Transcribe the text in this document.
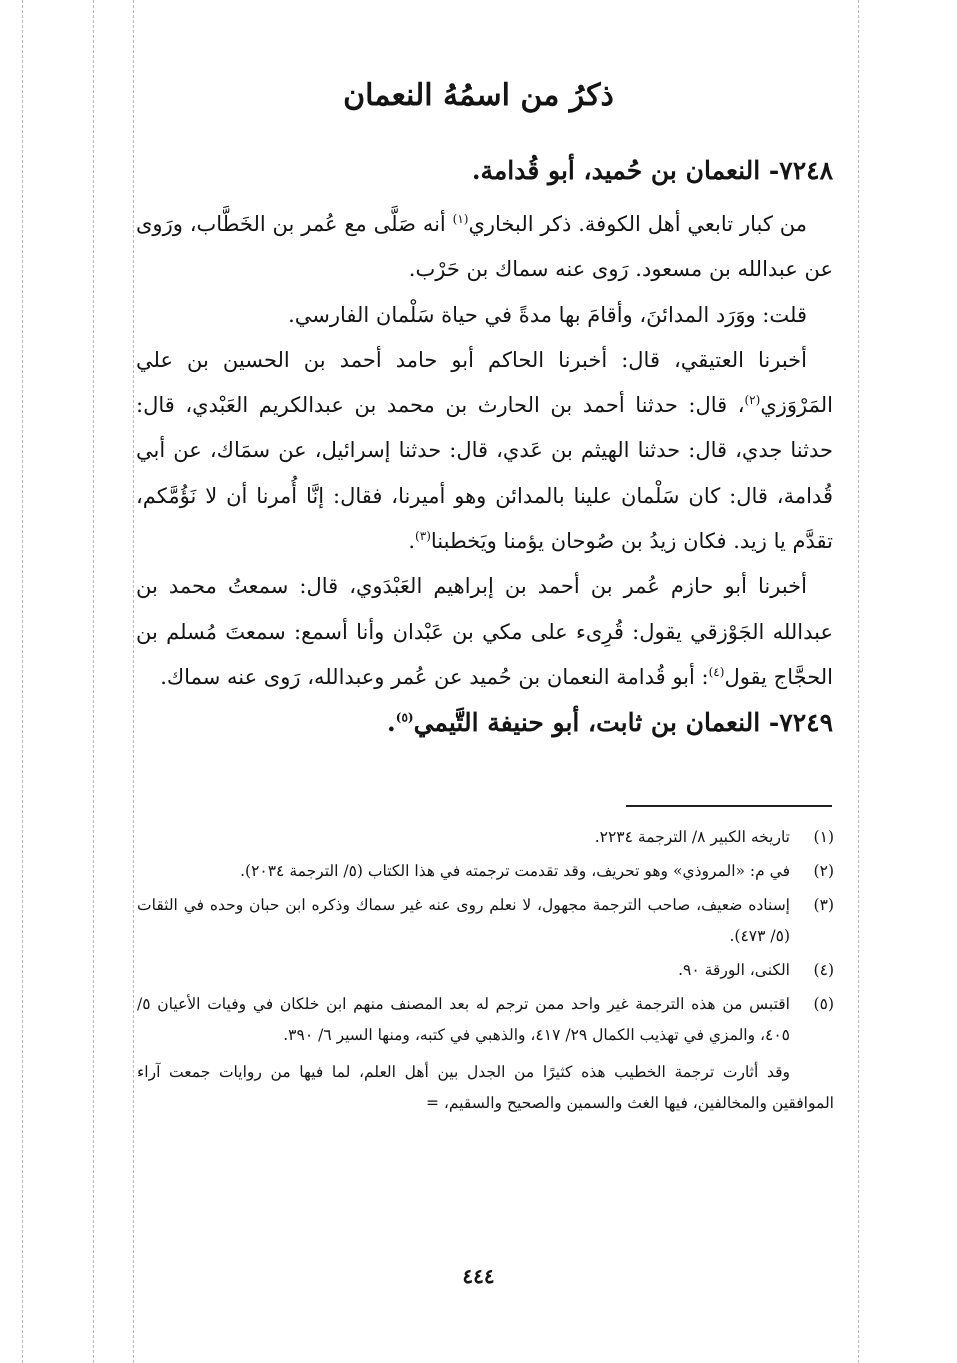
ذكرُ من اسمُهُ النعمان
٧٢٤٨- النعمان بن حُميد، أبو قُدامة.

من كبار تابعي أهل الكوفة. ذكر البخاري$^{(١)}$ أنه صَلَّى مع عُمر بن الخَطَّاب، ورَوى عن عبدالله بن مسعود. رَوى عنه سماك بن حَرْب.

قلت: ووَرَد المدائنَ، وأقامَ بها مدةً في حياة سَلْمان الفارسي.

أخبرنا العتيقي، قال: أخبرنا الحاكم أبو حامد أحمد بن الحسين بن علي المَرْوَزي$^{(٢)}$، قال: حدثنا أحمد بن الحارث بن محمد بن عبدالكريم العَبْدي، قال: حدثنا جدي، قال: حدثنا الهيثم بن عَدي، قال: حدثنا إسرائيل، عن سمَاك، عن أبي قُدامة، قال: كان سَلْمان علينا بالمدائن وهو أميرنا، فقال: إنَّا أُمرنا أن لا نَؤُمَّكم، تقدَّم يا زيد. فكان زيدُ بن صُوحان يؤمنا ويَخطبنا$^{(٣)}$.

أخبرنا أبو حازم عُمر بن أحمد بن إبراهيم العَبْدَوي، قال: سمعتُ محمد بن عبدالله الجَوْزقي يقول: قُرِىء على مكي بن عَبْدان وأنا أسمع: سمعتَ مُسلم بن الحجَّاج يقول$^{(٤)}$: أبو قُدامة النعمان بن حُميد عن عُمر وعبدالله، رَوى عنه سماك.

٧٢٤٩- النعمان بن ثابت، أبو حنيفة التَّيمي$^{(٥)}$.
(١)
تاريخه الكبير ٨/ الترجمة ٢٢٣٤.
(٢)
في م: «المروذي» وهو تحريف، وقد تقدمت ترجمته في هذا الكتاب (٥/ الترجمة ٢٠٣٤).
(٣)
إسناده ضعيف، صاحب الترجمة مجهول، لا نعلم روى عنه غير سماك وذكره ابن حبان وحده في الثقات (٥/ ٤٧٣).
(٤)
الكنى، الورقة ٩٠.
(٥)
اقتبس من هذه الترجمة غير واحد ممن ترجم له بعد المصنف منهم ابن خلكان في وفيات الأعيان ٥/ ٤٠٥، والمزي في تهذيب الكمال ٢٩/ ٤١٧، والذهبي في كتبه، ومنها السير ٦/ ٣٩٠.

وقد أثارت ترجمة الخطيب هذه كثيرًا من الجدل بين أهل العلم، لما فيها من روايات جمعت آراء الموافقين والمخالفين، فيها الغث والسمين والصحيح والسقيم، =

٤٤٤
